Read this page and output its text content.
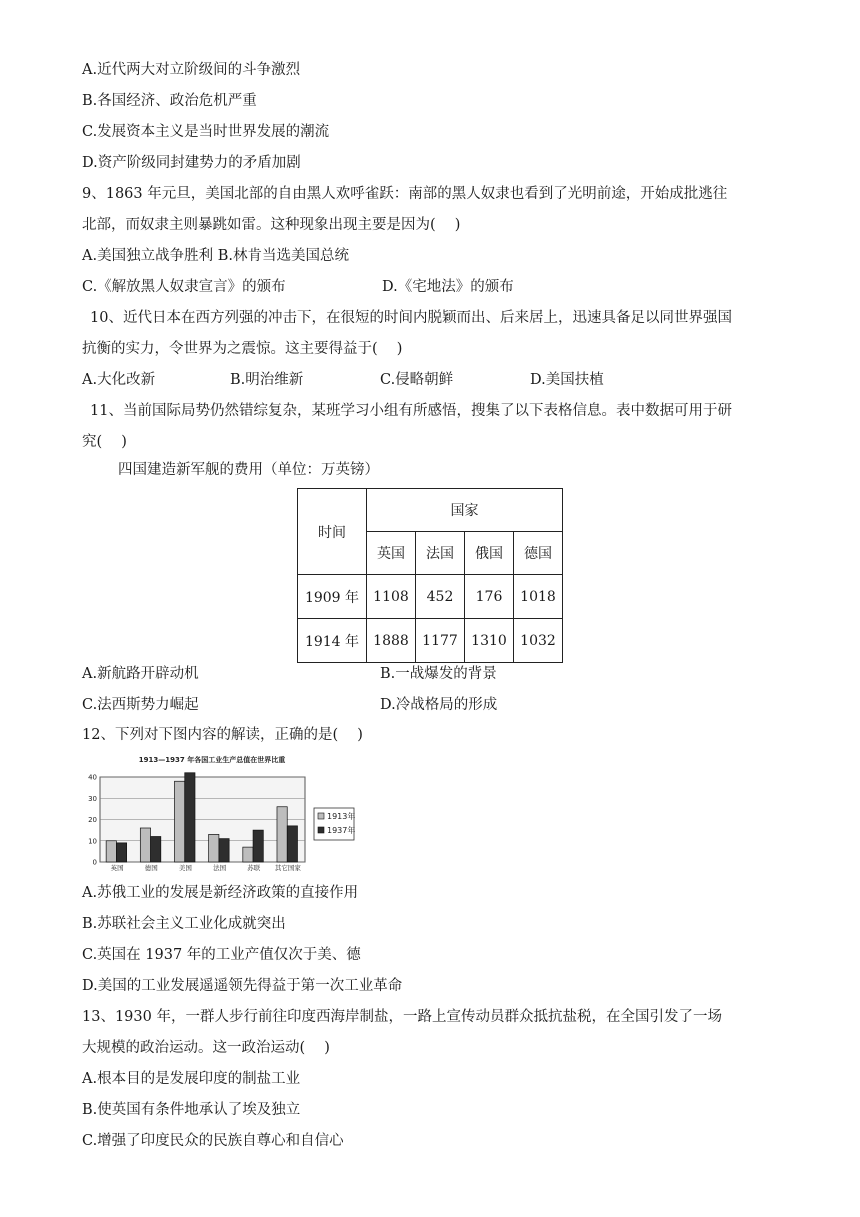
A.近代两大对立阶级间的斗争激烈
B.各国经济、政治危机严重
C.发展资本主义是当时世界发展的潮流
D.资产阶级同封建势力的矛盾加剧
9、1863 年元旦，美国北部的自由黑人欢呼雀跃：南部的黑人奴隶也看到了光明前途，开始成批逃往
北部，而奴隶主则暴跳如雷。这种现象出现主要是因为(　 )
A.美国独立战争胜利 B.林肯当选美国总统
10、近代日本在西方列强的冲击下，在很短的时间内脱颖而出、后来居上，迅速具备足以同世界强国
抗衡的实力，令世界为之震惊。这主要得益于(　 )
11、当前国际局势仍然错综复杂，某班学习小组有所感悟，搜集了以下表格信息。表中数据可用于研
究(　 )
12、下列对下图内容的解读，正确的是(　 )
A.苏俄工业的发展是新经济政策的直接作用
B.苏联社会主义工业化成就突出
C.英国在 1937 年的工业产值仅次于美、德
D.美国的工业发展遥遥领先得益于第一次工业革命
13、1930 年，一群人步行前往印度西海岸制盐，一路上宣传动员群众抵抗盐税，在全国引发了一场
大规模的政治运动。这一政治运动(　 )
A.根本目的是发展印度的制盐工业
B.使英国有条件地承认了埃及独立
C.增强了印度民众的民族自尊心和自信心
C.《解放黑人奴隶宣言》的颁布	D.《宅地法》的颁布
A.大化改新	B.明治维新	C.侵略朝鲜	D.美国扶植
A.新航路开辟动机	B.一战爆发的背景
C.法西斯势力崛起	D.冷战格局的形成
四国建造新军舰的费用（单位：万英镑）
时间	国家			
	英国	法国	俄国	德国
1909 年	1108	452	176	1018
1914 年	1888	1177	1310	1032
1913—1937 年各国工业生产总值在世界比重
0
10
20
30
40
英国	德国	美国	法国	苏联 其它国家
1913年
1937年
